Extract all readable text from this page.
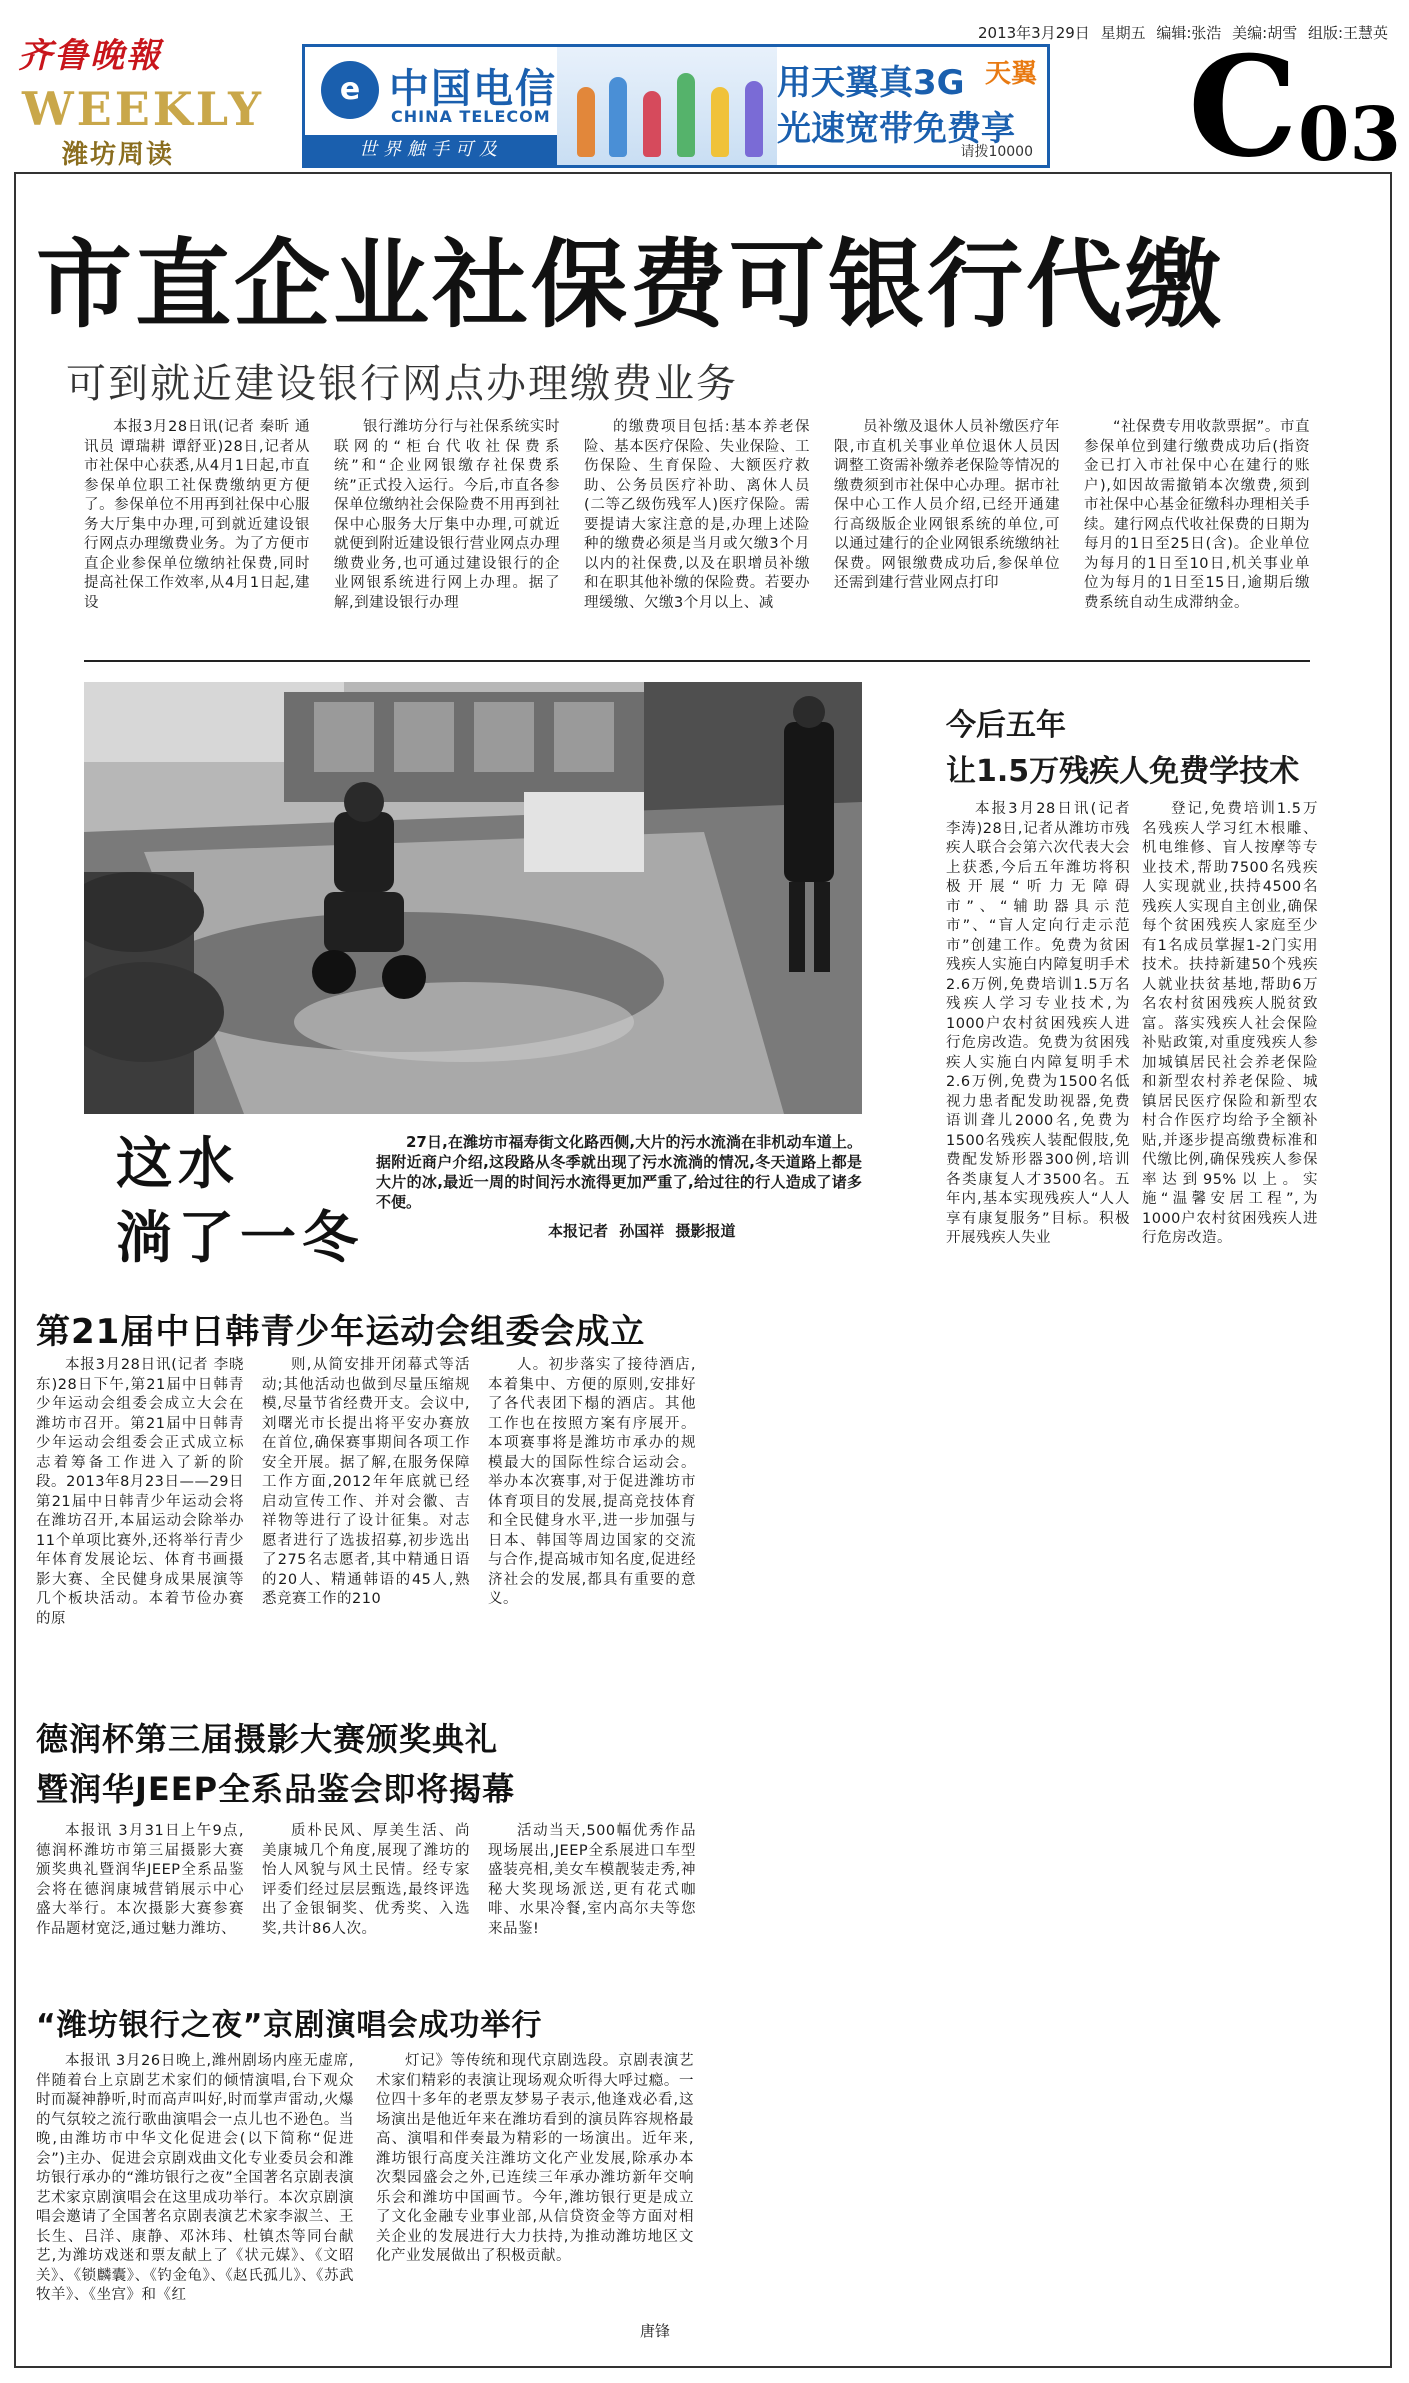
齐鲁晚報
WEEKLY
潍坊周读
e 中国电信
CHINA TELECOM
世界触手可及
用天翼真3G
光速宽带免费享
天翼
请拨10000
2013年3月29日 星期五 编辑:张浩 美编:胡雪 组版:王慧英
C 03
市直企业社保费可银行代缴
可到就近建设银行网点办理缴费业务

本报3月28日讯(记者 秦昕 通讯员 谭瑞耕 谭舒亚)28日,记者从市社保中心获悉,从4月1日起,市直参保单位职工社保费缴纳更方便了。参保单位不用再到社保中心服务大厅集中办理,可到就近建设银行网点办理缴费业务。为了方便市直企业参保单位缴纳社保费,同时提高社保工作效率,从4月1日起,建设

银行潍坊分行与社保系统实时联网的“柜台代收社保费系统”和“企业网银缴存社保费系统”正式投入运行。今后,市直各参保单位缴纳社会保险费不用再到社保中心服务大厅集中办理,可就近就便到附近建设银行营业网点办理缴费业务,也可通过建设银行的企业网银系统进行网上办理。据了解,到建设银行办理

的缴费项目包括:基本养老保险、基本医疗保险、失业保险、工伤保险、生育保险、大额医疗救助、公务员医疗补助、离休人员(二等乙级伤残军人)医疗保险。需要提请大家注意的是,办理上述险种的缴费必须是当月或欠缴3个月以内的社保费,以及在职增员补缴和在职其他补缴的保险费。若要办理缓缴、欠缴3个月以上、减

员补缴及退休人员补缴医疗年限,市直机关事业单位退休人员因调整工资需补缴养老保险等情况的缴费须到市社保中心办理。据市社保中心工作人员介绍,已经开通建行高级版企业网银系统的单位,可以通过建行的企业网银系统缴纳社保费。网银缴费成功后,参保单位还需到建行营业网点打印

“社保费专用收款票据”。市直参保单位到建行缴费成功后(指资金已打入市社保中心在建行的账户),如因故需撤销本次缴费,须到市社保中心基金征缴科办理相关手续。建行网点代收社保费的日期为每月的1日至25日(含)。企业单位为每月的1日至10日,机关事业单位为每月的1日至15日,逾期后缴费系统自动生成滞纳金。

这水
淌了一冬

27日,在潍坊市福寿街文化路西侧,大片的污水流淌在非机动车道上。据附近商户介绍,这段路从冬季就出现了污水流淌的情况,冬天道路上都是大片的冰,最近一周的时间污水流得更加严重了,给过往的行人造成了诸多不便。

本报记者 孙国祥 摄影报道
今后五年
让1.5万残疾人免费学技术

本报3月28日讯(记者 李涛)28日,记者从潍坊市残疾人联合会第六次代表大会上获悉,今后五年潍坊将积极开展“听力无障碍市”、“辅助器具示范市”、“盲人定向行走示范市”创建工作。免费为贫困残疾人实施白内障复明手术2.6万例,免费培训1.5万名残疾人学习专业技术,为1000户农村贫困残疾人进行危房改造。免费为贫困残疾人实施白内障复明手术2.6万例,免费为1500名低视力患者配发助视器,免费语训聋儿2000名,免费为1500名残疾人装配假肢,免费配发矫形器300例,培训各类康复人才3500名。五年内,基本实现残疾人“人人享有康复服务”目标。积极开展残疾人失业

登记,免费培训1.5万名残疾人学习红木根雕、机电维修、盲人按摩等专业技术,帮助7500名残疾人实现就业,扶持4500名残疾人实现自主创业,确保每个贫困残疾人家庭至少有1名成员掌握1-2门实用技术。扶持新建50个残疾人就业扶贫基地,帮助6万名农村贫困残疾人脱贫致富。落实残疾人社会保险补贴政策,对重度残疾人参加城镇居民社会养老保险和新型农村养老保险、城镇居民医疗保险和新型农村合作医疗均给予全额补贴,并逐步提高缴费标准和代缴比例,确保残疾人参保率达到95%以上。实施“温馨安居工程”,为1000户农村贫困残疾人进行危房改造。

第21届中日韩青少年运动会组委会成立

本报3月28日讯(记者 李晓东)28日下午,第21届中日韩青少年运动会组委会成立大会在潍坊市召开。第21届中日韩青少年运动会组委会正式成立标志着筹备工作进入了新的阶段。2013年8月23日——29日第21届中日韩青少年运动会将在潍坊召开,本届运动会除举办11个单项比赛外,还将举行青少年体育发展论坛、体育书画摄影大赛、全民健身成果展演等几个板块活动。本着节俭办赛的原

则,从简安排开闭幕式等活动;其他活动也做到尽量压缩规模,尽量节省经费开支。会议中,刘曙光市长提出将平安办赛放在首位,确保赛事期间各项工作安全开展。据了解,在服务保障工作方面,2012年年底就已经启动宣传工作、并对会徽、吉祥物等进行了设计征集。对志愿者进行了选拔招募,初步选出了275名志愿者,其中精通日语的20人、精通韩语的45人,熟悉竞赛工作的210

人。初步落实了接待酒店,本着集中、方便的原则,安排好了各代表团下榻的酒店。其他工作也在按照方案有序展开。本项赛事将是潍坊市承办的规模最大的国际性综合运动会。举办本次赛事,对于促进潍坊市体育项目的发展,提高竞技体育和全民健身水平,进一步加强与日本、韩国等周边国家的交流与合作,提高城市知名度,促进经济社会的发展,都具有重要的意义。

德润杯第三届摄影大赛颁奖典礼
暨润华JEEP全系品鉴会即将揭幕

本报讯 3月31日上午9点,德润杯潍坊市第三届摄影大赛颁奖典礼暨润华JEEP全系品鉴会将在德润康城营销展示中心盛大举行。本次摄影大赛参赛作品题材宽泛,通过魅力潍坊、

质朴民风、厚美生活、尚美康城几个角度,展现了潍坊的怡人风貌与风土民情。经专家评委们经过层层甄选,最终评选出了金银铜奖、优秀奖、入选奖,共计86人次。

活动当天,500幅优秀作品现场展出,JEEP全系展进口车型盛装亮相,美女车模靓装走秀,神秘大奖现场派送,更有花式咖啡、水果冷餐,室内高尔夫等您来品鉴!

“潍坊银行之夜”京剧演唱会成功举行

本报讯 3月26日晚上,潍州剧场内座无虚席,伴随着台上京剧艺术家们的倾情演唱,台下观众时而凝神静听,时而高声叫好,时而掌声雷动,火爆的气氛较之流行歌曲演唱会一点儿也不逊色。当晚,由潍坊市中华文化促进会(以下简称“促进会”)主办、促进会京剧戏曲文化专业委员会和潍坊银行承办的“潍坊银行之夜”全国著名京剧表演艺术家京剧演唱会在这里成功举行。本次京剧演唱会邀请了全国著名京剧表演艺术家李淑兰、王长生、吕洋、康静、邓沐玮、杜镇杰等同台献艺,为潍坊戏迷和票友献上了《状元媒》、《文昭关》、《锁麟囊》、《钓金龟》、《赵氏孤儿》、《苏武牧羊》、《坐宫》和《红

灯记》等传统和现代京剧选段。京剧表演艺术家们精彩的表演让现场观众听得大呼过瘾。一位四十多年的老票友梦易子表示,他逢戏必看,这场演出是他近年来在潍坊看到的演员阵容规格最高、演唱和伴奏最为精彩的一场演出。近年来,潍坊银行高度关注潍坊文化产业发展,除承办本次梨园盛会之外,已连续三年承办潍坊新年交响乐会和潍坊中国画节。今年,潍坊银行更是成立了文化金融专业事业部,从信贷资金等方面对相关企业的发展进行大力扶持,为推动潍坊地区文化产业发展做出了积极贡献。

唐锋
